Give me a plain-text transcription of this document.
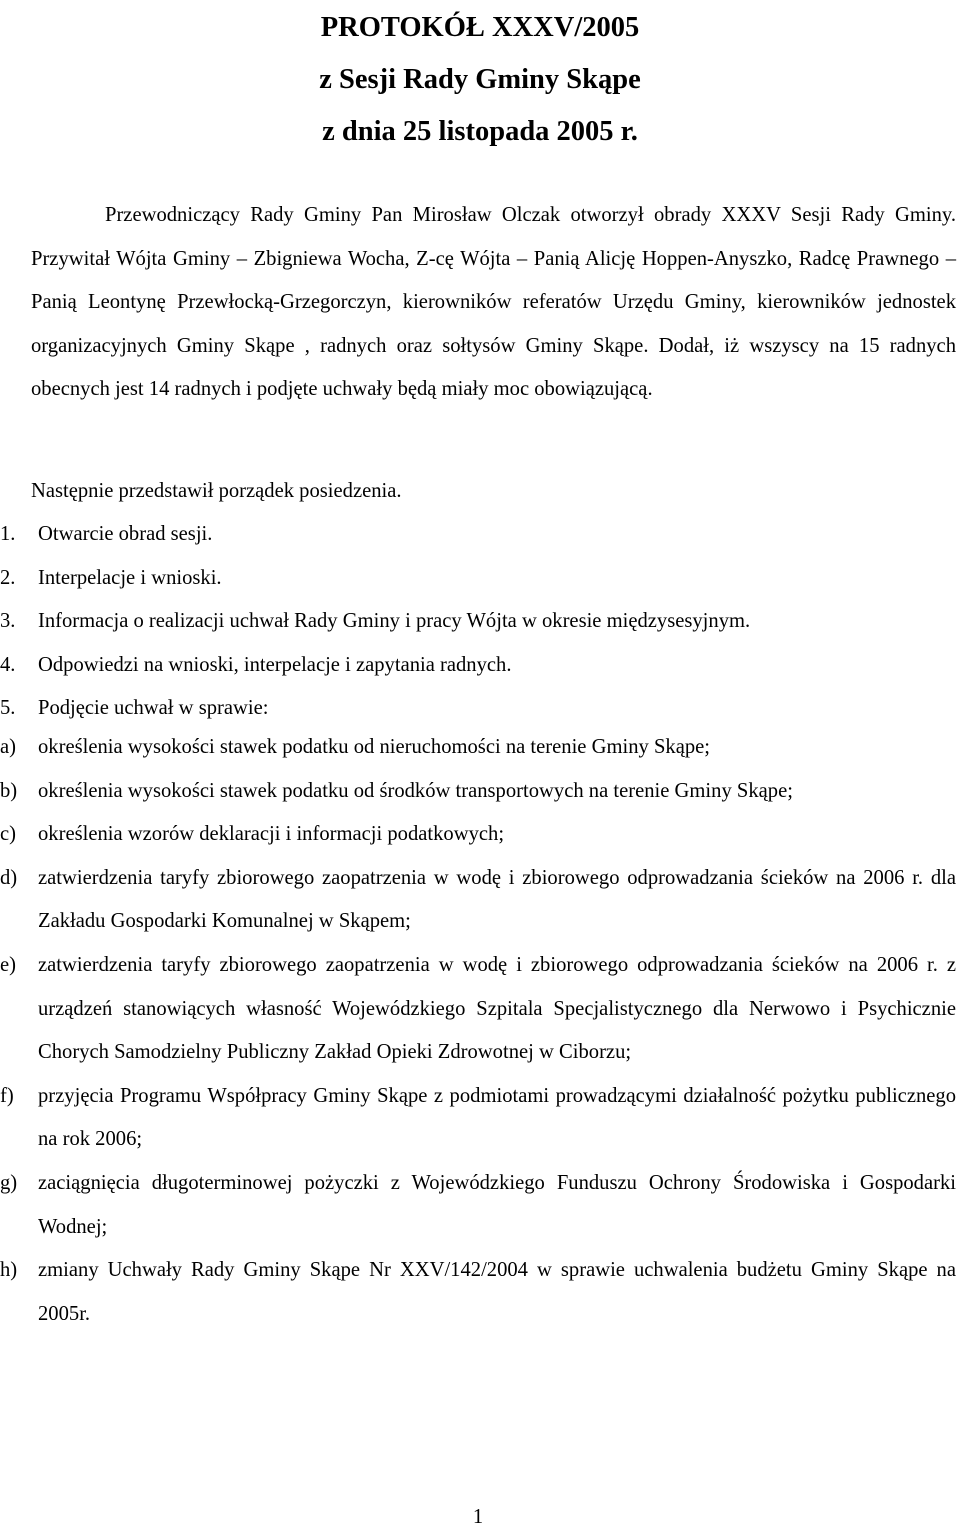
PROTOKÓŁ XXXV/2005
z Sesji Rady Gminy Skąpe
z dnia 25 listopada 2005 r.
Przewodniczący Rady Gminy Pan Mirosław Olczak otworzył obrady XXXV Sesji Rady Gminy. Przywitał Wójta Gminy – Zbigniewa Wocha, Z-cę Wójta – Panią Alicję Hoppen-Anyszko, Radcę Prawnego – Panią Leontynę Przewłocką-Grzegorczyn, kierowników referatów Urzędu Gminy, kierowników jednostek organizacyjnych Gminy Skąpe , radnych oraz sołtysów Gminy Skąpe. Dodał, iż wszyscy na 15 radnych obecnych jest 14 radnych i podjęte uchwały będą miały moc obowiązującą.
Następnie przedstawił porządek posiedzenia.
1.	Otwarcie obrad sesji.
2.	Interpelacje i wnioski.
3.	Informacja o realizacji uchwał Rady Gminy i pracy Wójta w okresie międzysesyjnym.
4.	Odpowiedzi na wnioski, interpelacje i zapytania radnych.
5.	Podjęcie uchwał w sprawie:
a)	określenia wysokości stawek podatku od nieruchomości na terenie Gminy Skąpe;
b)	określenia wysokości stawek podatku od środków transportowych na terenie Gminy Skąpe;
c)	określenia wzorów deklaracji i informacji podatkowych;
d)	zatwierdzenia taryfy zbiorowego zaopatrzenia w wodę i zbiorowego odprowadzania ścieków na 2006 r. dla Zakładu Gospodarki Komunalnej w Skąpem;
e)	zatwierdzenia taryfy zbiorowego zaopatrzenia w wodę i zbiorowego odprowadzania ścieków na 2006 r. z urządzeń stanowiących własność Wojewódzkiego Szpitala Specjalistycznego dla Nerwowo i Psychicznie Chorych Samodzielny Publiczny Zakład Opieki Zdrowotnej w Ciborzu;
f)	przyjęcia Programu Współpracy Gminy Skąpe z podmiotami prowadzącymi działalność pożytku publicznego na rok 2006;
g)	zaciągnięcia długoterminowej pożyczki z Wojewódzkiego Funduszu Ochrony Środowiska i Gospodarki Wodnej;
h)	zmiany Uchwały Rady Gminy Skąpe Nr XXV/142/2004 w sprawie uchwalenia budżetu Gminy Skąpe na 2005r.
1
